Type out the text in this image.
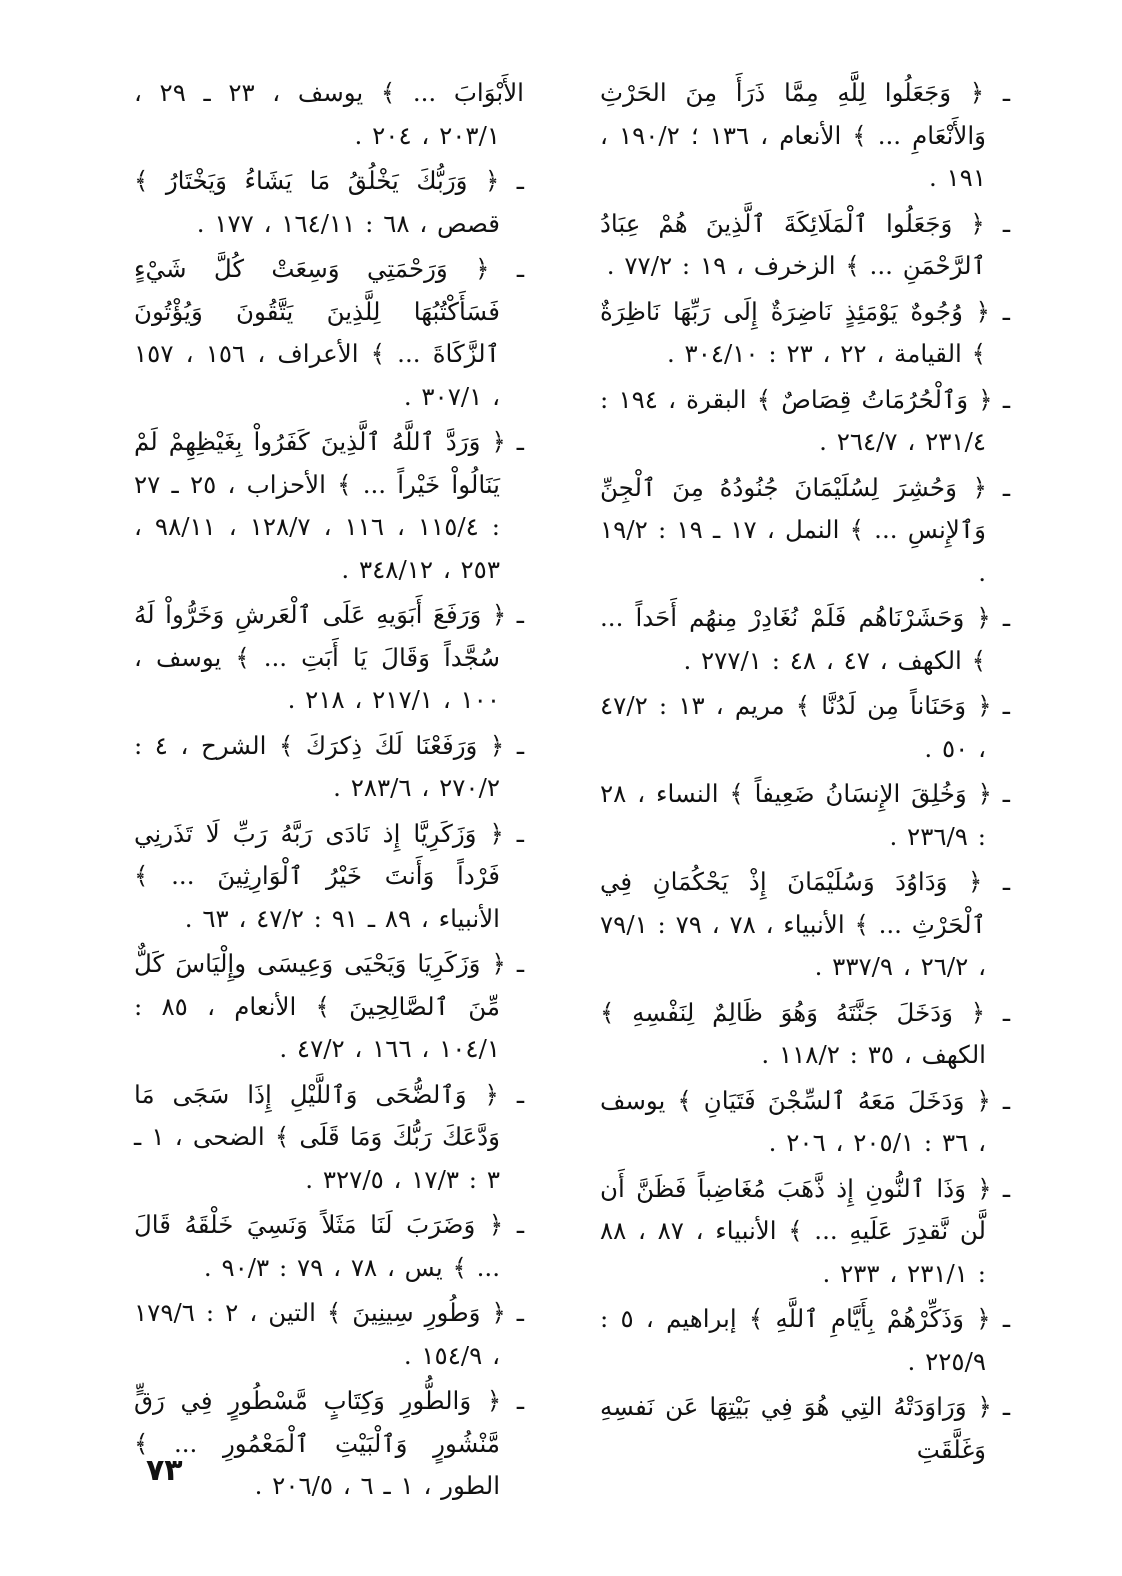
ـ ﴿ وَجَعَلُوا لِلَّهِ مِمَّا ذَرَأَ مِنَ الحَرْثِ وَالأَنْعَامِ ... ﴾ الأنعام ، ١٣٦ ؛ ١٩٠/٢ ، ١٩١ .

ـ ﴿ وَجَعَلُوا ٱلْمَلَائِكَةَ ٱلَّذِينَ هُمْ عِبَادُ ٱلرَّحْمَنِ ... ﴾ الزخرف ، ١٩ : ٧٧/٢ .

ـ ﴿ وُجُوهٌ يَوْمَئِذٍ نَاضِرَةٌ إِلَى رَبِّهَا نَاظِرَةٌ ﴾ القيامة ، ٢٢ ، ٢٣ : ٣٠٤/١٠ .

ـ ﴿ وَٱلْحُرُمَاتُ قِصَاصٌ ﴾ البقرة ، ١٩٤ : ٢٣١/٤ ، ٢٦٤/٧ .

ـ ﴿ وَحُشِرَ لِسُلَيْمَانَ جُنُودُهُ مِنَ ٱلْجِنِّ وَٱلإِنسِ ... ﴾ النمل ، ١٧ ـ ١٩ : ١٩/٢ .

ـ ﴿ وَحَشَرْنَاهُم فَلَمْ نُغَادِرْ مِنهُم أَحَداً ... ﴾ الكهف ، ٤٧ ، ٤٨ : ٢٧٧/١ .

ـ ﴿ وَحَنَاناً مِن لَدُنَّا ﴾ مريم ، ١٣ : ٤٧/٢ ، ٥٠ .

ـ ﴿ وَخُلِقَ الإِنسَانُ ضَعِيفاً ﴾ النساء ، ٢٨ : ٢٣٦/٩ .

ـ ﴿ وَدَاوُدَ وَسُلَيْمَانَ إِذْ يَحْكُمَانِ فِي ٱلْحَرْثِ ... ﴾ الأنبياء ، ٧٨ ، ٧٩ : ٧٩/١ ، ٢٦/٢ ، ٣٣٧/٩ .

ـ ﴿ وَدَخَلَ جَنَّتَهُ وَهُوَ ظَالِمٌ لِنَفْسِهِ ﴾ الكهف ، ٣٥ : ١١٨/٢ .

ـ ﴿ وَدَخَلَ مَعَهُ ٱلسِّجْنَ فَتَيَانِ ﴾ يوسف ، ٣٦ : ٢٠٥/١ ، ٢٠٦ .

ـ ﴿ وَذَا ٱلنُّونِ إِذ ذَّهَبَ مُغَاضِباً فَظَنَّ أَن لَّن نَّقدِرَ عَلَيهِ ... ﴾ الأنبياء ، ٨٧ ، ٨٨ : ٢٣١/١ ، ٢٣٣ .

ـ ﴿ وَذَكِّرْهُمْ بِأَيَّامِ ٱللَّهِ ﴾ إبراهيم ، ٥ : ٢٢٥/٩ .

ـ ﴿ وَرَاوَدَتْهُ التِي هُوَ فِي بَيْتِهَا عَن نَفسِهِ وَغَلَّقَتِ

الأَبْوَابَ ... ﴾ يوسف ، ٢٣ ـ ٢٩ ، ٢٠٣/١ ، ٢٠٤ .

ـ ﴿ وَرَبُّكَ يَخْلُقُ مَا يَشَاءُ وَيَخْتَارُ ﴾ قصص ، ٦٨ : ١٦٤/١١ ، ١٧٧ .

ـ ﴿ وَرَحْمَتِي وَسِعَتْ كُلَّ شَيْءٍ فَسَأَكْتُبُهَا لِلَّذِينَ يَتَّقُونَ وَيُؤْتُونَ ٱلزَّكَاةَ ... ﴾ الأعراف ، ١٥٦ ، ١٥٧ ، ٣٠٧/١ .

ـ ﴿ وَرَدَّ ٱللَّهُ ٱلَّذِينَ كَفَرُواْ بِغَيْظِهِمْ لَمْ يَنَالُواْ خَيْراً ... ﴾ الأحزاب ، ٢٥ ـ ٢٧ : ١١٥/٤ ، ١١٦ ، ١٢٨/٧ ، ٩٨/١١ ، ٢٥٣ ، ٣٤٨/١٢ .

ـ ﴿ وَرَفَعَ أَبَوَيهِ عَلَى ٱلْعَرشِ وَخَرُّواْ لَهُ سُجَّداً وَقَالَ يَا أَبَتِ ... ﴾ يوسف ، ١٠٠ ، ٢١٧/١ ، ٢١٨ .

ـ ﴿ وَرَفَعْنَا لَكَ ذِكرَكَ ﴾ الشرح ، ٤ : ٢٧٠/٢ ، ٢٨٣/٦ .

ـ ﴿ وَزَكَرِيَّا إِذ نَادَى رَبَّهُ رَبِّ لَا تَذَرنِي فَرْداً وَأَنتَ خَيْرُ ٱلْوَارِثِينَ ... ﴾ الأنبياء ، ٨٩ ـ ٩١ : ٤٧/٢ ، ٦٣ .

ـ ﴿ وَزَكَرِيَا وَيَحْيَى وَعِيسَى وإِلْيَاسَ كَلٌّ مِّنَ ٱلصَّالِحِينَ ﴾ الأنعام ، ٨٥ : ١٠٤/١ ، ١٦٦ ، ٤٧/٢ .

ـ ﴿ وَٱلضُّحَى وَٱللَّيْلِ إِذَا سَجَى مَا وَدَّعَكَ رَبُّكَ وَمَا قَلَى ﴾ الضحى ، ١ ـ ٣ : ١٧/٣ ، ٣٢٧/٥ .

ـ ﴿ وَضَرَبَ لَنَا مَثَلاً وَنَسِيَ خَلْقَهُ قَالَ ... ﴾ يس ، ٧٨ ، ٧٩ : ٩٠/٣ .

ـ ﴿ وَطُورِ سِينِينَ ﴾ التين ، ٢ : ١٧٩/٦ ، ١٥٤/٩ .

ـ ﴿ وَالطُّورِ وَكِتَابٍ مَّسْطُورٍ فِي رَقٍّ مَّنْشُورٍ وَٱلْبَيْتِ ٱلْمَعْمُورِ ... ﴾ الطور ، ١ ـ ٦ ، ٢٠٦/٥ .

٧٣
